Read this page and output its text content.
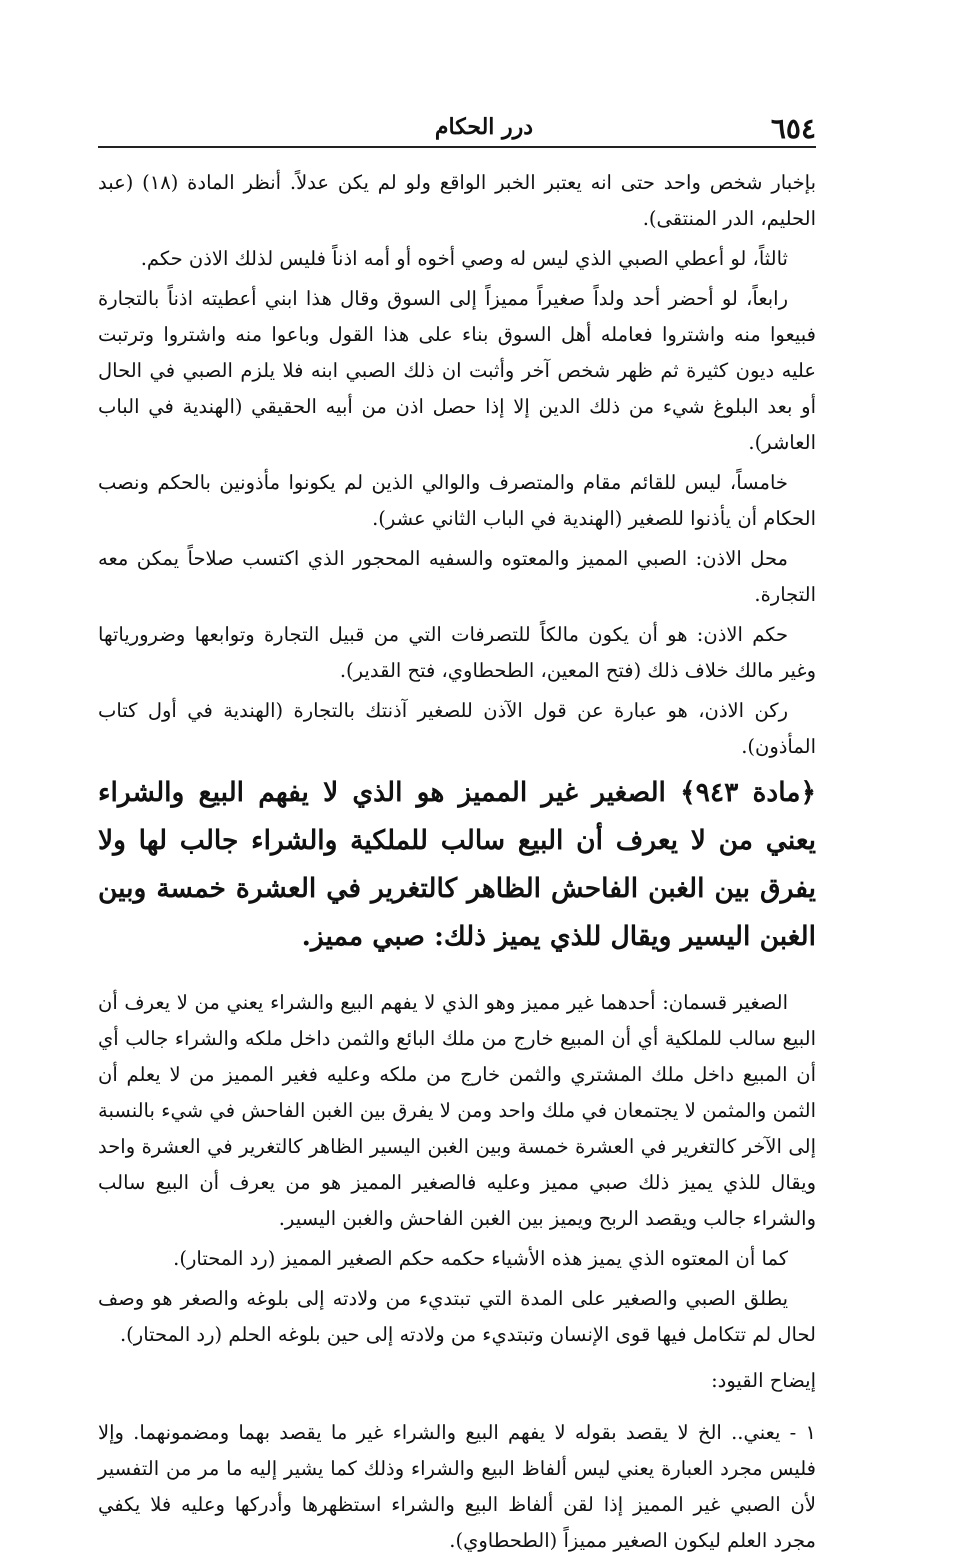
٦٥٤
درر الحكام

بإخبار شخص واحد حتى انه يعتبر الخبر الواقع ولو لم يكن عدلاً. أنظر المادة (١٨) (عبد الحليم، الدر المنتقى).

ثالثاً، لو أعطي الصبي الذي ليس له وصي أخوه أو أمه اذناً فليس لذلك الاذن حكم.

رابعاً، لو أحضر أحد ولداً صغيراً مميزاً إلى السوق وقال هذا ابني أعطيته اذناً بالتجارة فبيعوا منه واشتروا فعامله أهل السوق بناء على هذا القول وباعوا منه واشتروا وترتبت عليه ديون كثيرة ثم ظهر شخص آخر وأثبت ان ذلك الصبي ابنه فلا يلزم الصبي في الحال أو بعد البلوغ شيء من ذلك الدين إلا إذا حصل اذن من أبيه الحقيقي (الهندية في الباب العاشر).

خامساً، ليس للقائم مقام والمتصرف والوالي الذين لم يكونوا مأذونين بالحكم ونصب الحكام أن يأذنوا للصغير (الهندية في الباب الثاني عشر).

محل الاذن: الصبي المميز والمعتوه والسفيه المحجور الذي اكتسب صلاحاً يمكن معه التجارة.

حكم الاذن: هو أن يكون مالكاً للتصرفات التي من قبيل التجارة وتوابعها وضرورياتها وغير مالك خلاف ذلك (فتح المعين، الطحطاوي، فتح القدير).

ركن الاذن، هو عبارة عن قول الآذن للصغير آذنتك بالتجارة (الهندية في أول كتاب المأذون).

﴿مادة ٩٤٣﴾ الصغير غير المميز هو الذي لا يفهم البيع والشراء يعني من لا يعرف أن البيع سالب للملكية والشراء جالب لها ولا يفرق بين الغبن الفاحش الظاهر كالتغرير في العشرة خمسة وبين الغبن اليسير ويقال للذي يميز ذلك: صبي مميز.

الصغير قسمان: أحدهما غير مميز وهو الذي لا يفهم البيع والشراء يعني من لا يعرف أن البيع سالب للملكية أي أن المبيع خارج من ملك البائع والثمن داخل ملكه والشراء جالب أي أن المبيع داخل ملك المشتري والثمن خارج من ملكه وعليه فغير المميز من لا يعلم أن الثمن والمثمن لا يجتمعان في ملك واحد ومن لا يفرق بين الغبن الفاحش في شيء بالنسبة إلى الآخر كالتغرير في العشرة خمسة وبين الغبن اليسير الظاهر كالتغرير في العشرة واحد ويقال للذي يميز ذلك صبي مميز وعليه فالصغير المميز هو من يعرف أن البيع سالب والشراء جالب ويقصد الربح ويميز بين الغبن الفاحش والغبن اليسير.

كما أن المعتوه الذي يميز هذه الأشياء حكمه حكم الصغير المميز (رد المحتار).

يطلق الصبي والصغير على المدة التي تبتديء من ولادته إلى بلوغه والصغر هو وصف لحال لم تتكامل فيها قوى الإنسان وتبتديء من ولادته إلى حين بلوغه الحلم (رد المحتار).

إيضاح القيود:

١ - يعني.. الخ لا يقصد بقوله لا يفهم البيع والشراء غير ما يقصد بهما ومضمونهما. وإلا فليس مجرد العبارة يعني ليس ألفاظ البيع والشراء وذلك كما يشير إليه ما مر من التفسير لأن الصبي غير المميز إذا لقن ألفاظ البيع والشراء استظهرها وأدركها وعليه فلا يكفي مجرد العلم ليكون الصغير مميزاً (الطحطاوي).
